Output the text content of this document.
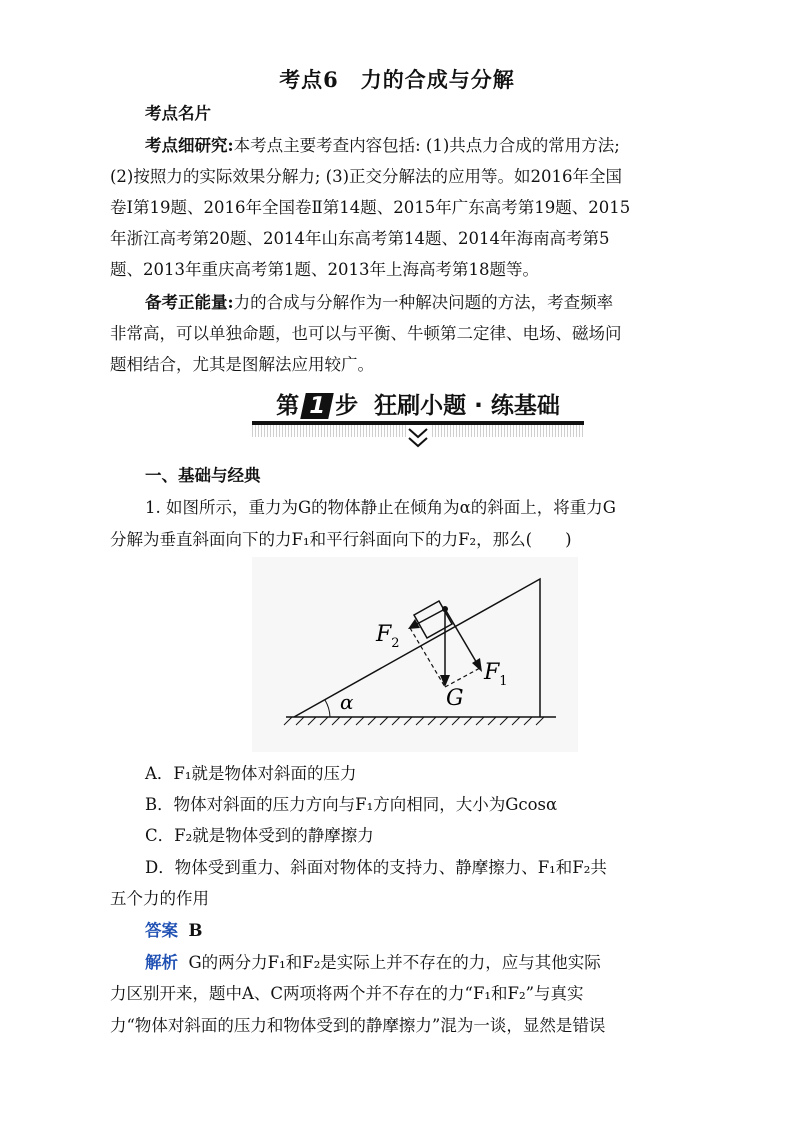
考点6　力的合成与分解
考点名片
考点细研究:本考点主要考查内容包括: (1)共点力合成的常用方法;
(2)按照力的实际效果分解力; (3)正交分解法的应用等。如2016年全国
卷Ⅰ第19题、2016年全国卷Ⅱ第14题、2015年广东高考第19题、2015
年浙江高考第20题、2014年山东高考第14题、2014年海南高考第5
题、2013年重庆高考第1题、2013年上海高考第18题等。
备考正能量:力的合成与分解作为一种解决问题的方法，考查频率
非常高，可以单独命题，也可以与平衡、牛顿第二定律、电场、磁场问
题相结合，尤其是图解法应用较广。
第 1 步 狂刷小题 · 练基础
一、基础与经典
1. 如图所示，重力为G的物体静止在倾角为α的斜面上，将重力G
分解为垂直斜面向下的力F₁和平行斜面向下的力F₂，那么(　　)
$F_2$
$F_1$
G
α
A．F₁就是物体对斜面的压力
B．物体对斜面的压力方向与F₁方向相同，大小为Gcosα
C．F₂就是物体受到的静摩擦力
D．物体受到重力、斜面对物体的支持力、静摩擦力、F₁和F₂共
五个力的作用
答案 B
解析 G的两分力F₁和F₂是实际上并不存在的力，应与其他实际
力区别开来，题中A、C两项将两个并不存在的力“F₁和F₂”与真实
力“物体对斜面的压力和物体受到的静摩擦力”混为一谈，显然是错误
